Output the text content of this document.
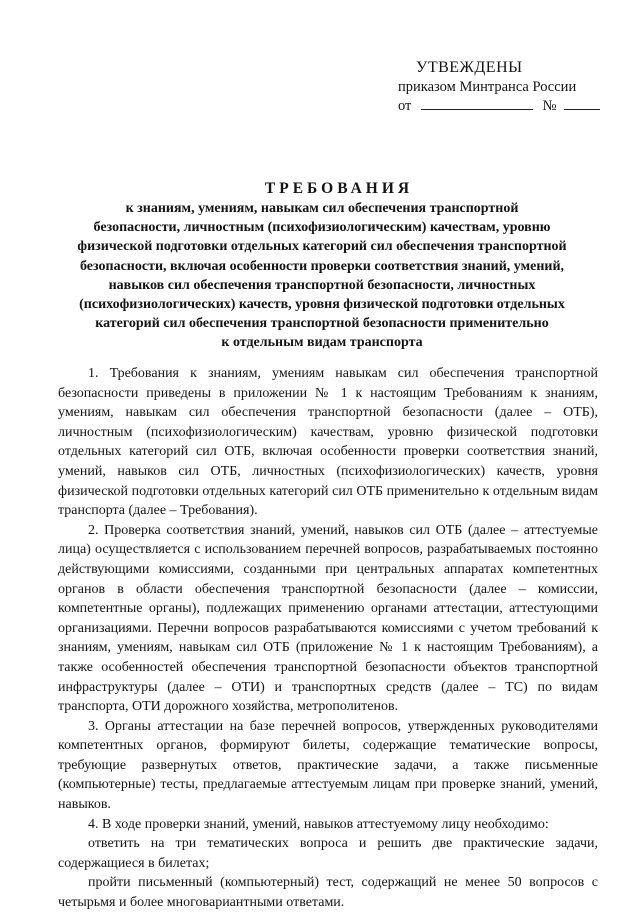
УТВЕЖДЕНЫ
приказом Минтранса России
от	№
ТРЕБОВАНИЯ
к знаниям, умениям, навыкам сил обеспечения транспортной
безопасности, личностным (психофизиологическим) качествам, уровню
физической подготовки отдельных категорий сил обеспечения транспортной
безопасности, включая особенности проверки соответствия знаний, умений,
навыков сил обеспечения транспортной безопасности, личностных
(психофизиологических) качеств, уровня физической подготовки отдельных
категорий сил обеспечения транспортной безопасности применительно
к отдельным видам транспорта

1. Требования к знаниям, умениям навыкам сил обеспечения транспортной безопасности приведены в приложении № 1 к настоящим Требованиям к знаниям, умениям, навыкам сил обеспечения транспортной безопасности (далее – ОТБ), личностным (психофизиологическим) качествам, уровню физической подготовки отдельных категорий сил ОТБ, включая особенности проверки соответствия знаний, умений, навыков сил ОТБ, личностных (психофизиологических) качеств, уровня физической подготовки отдельных категорий сил ОТБ применительно к отдельным видам транспорта (далее – Требования).

2. Проверка соответствия знаний, умений, навыков сил ОТБ (далее – аттестуемые лица) осуществляется с использованием перечней вопросов, разрабатываемых постоянно действующими комиссиями, созданными при центральных аппаратах компетентных органов в области обеспечения транспортной безопасности (далее – комиссии, компетентные органы), подлежащих применению органами аттестации, аттестующими организациями. Перечни вопросов разрабатываются комиссиями с учетом требований к знаниям, умениям, навыкам сил ОТБ (приложение № 1 к настоящим Требованиям), а также особенностей обеспечения транспортной безопасности объектов транспортной инфраструктуры (далее – ОТИ) и транспортных средств (далее – ТС) по видам транспорта, ОТИ дорожного хозяйства, метрополитенов.

3. Органы аттестации на базе перечней вопросов, утвержденных руководителями компетентных органов, формируют билеты, содержащие тематические вопросы, требующие развернутых ответов, практические задачи, а также письменные (компьютерные) тесты, предлагаемые аттестуемым лицам при проверке знаний, умений, навыков.

4. В ходе проверки знаний, умений, навыков аттестуемому лицу необходимо:

ответить на три тематических вопроса и решить две практические задачи, содержащиеся в билетах;

пройти письменный (компьютерный) тест, содержащий не менее 50 вопросов с четырьмя и более многовариантными ответами.
